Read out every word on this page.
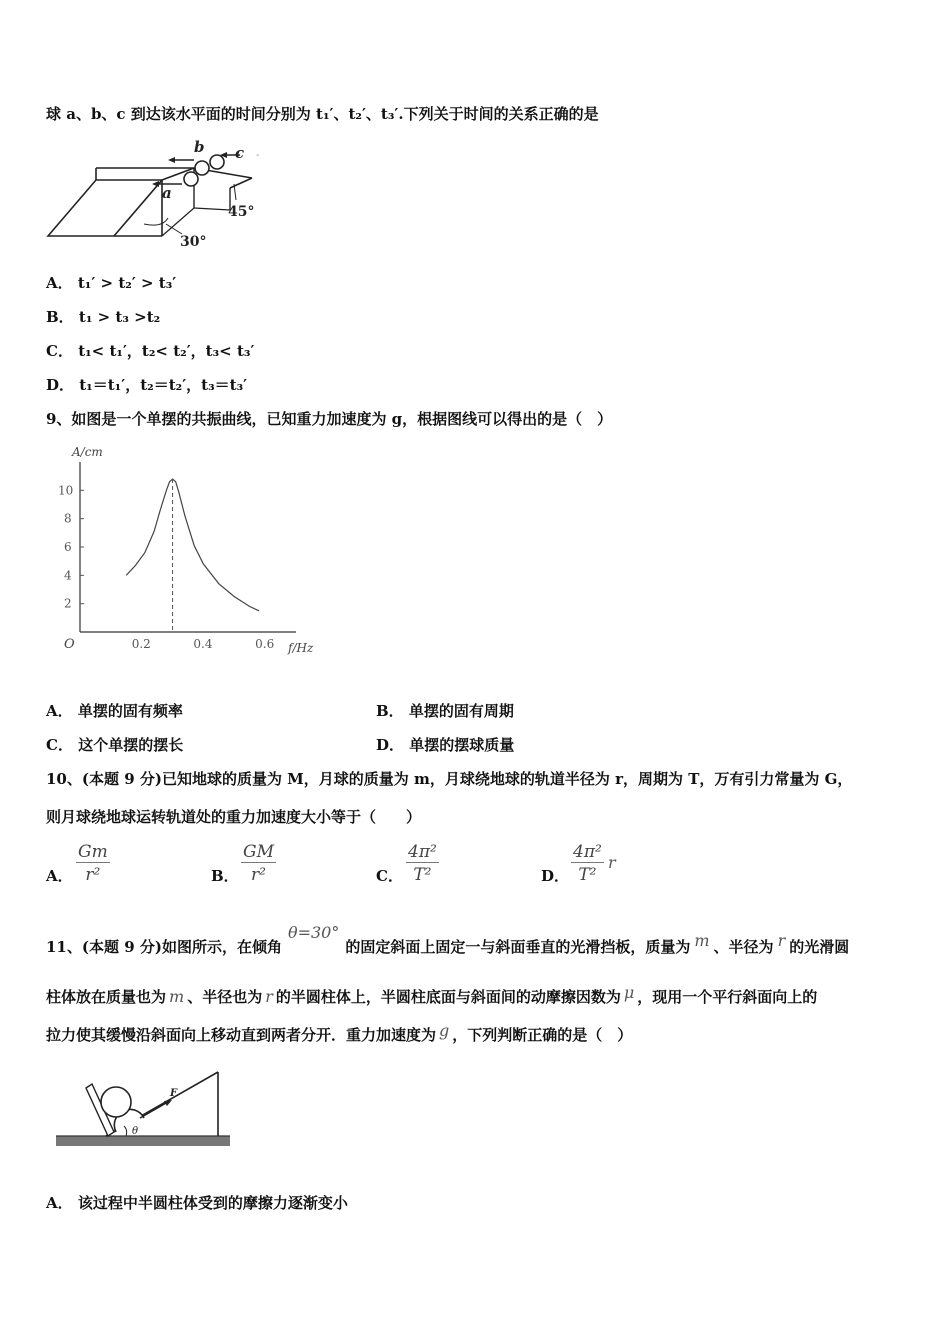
球 a、b、c 到达该水平面的时间分别为 t₁′、t₂′、t₃′.下列关于时间的关系正确的是
a
b c
30°
45°
-
A． t₁′ > t₂′ > t₃′
B． t₁ > t₃ >t₂
C． t₁< t₁′，t₂< t₂′，t₃< t₃′
D． t₁＝t₁′，t₂＝t₂′，t₃＝t₃′
9、如图是一个单摆的共振曲线，已知重力加速度为 g，根据图线可以得出的是（　）
0.2	0.4	0.6
2
4
6
8
10
A/cm
f/Hz
O
A． 单摆的固有频率	B． 单摆的固有周期
C． 这个单摆的摆长	D． 单摆的摆球质量
10、(本题 9 分)已知地球的质量为 M，月球的质量为 m，月球绕地球的轨道半径为 r，周期为 T，万有引力常量为 G，
则月球绕地球运转轨道处的重力加速度大小等于（　　）
A． $\frac{Gm}{\text{r²}}$	B． $\frac{GM}{\text{r²}}$	C． $\frac{\text{4π²}}{\text{T²}}$	D． $\frac{\text{4π²}}{\text{T²}}$ r
11、(本题 9 分)如图所示，在倾角θ=30°的固定斜面上固定一与斜面垂直的光滑挡板，质量为 m 、半径为 r 的光滑圆
柱体放在质量也为 m 、半径也为 r 的半圆柱体上，半圆柱底面与斜面间的动摩擦因数为 μ ，现用一个平行斜面向上的
拉力使其缓慢沿斜面向上移动直到两者分开．重力加速度为 g ，下列判断正确的是（　）
F
θ
A． 该过程中半圆柱体受到的摩擦力逐渐变小
